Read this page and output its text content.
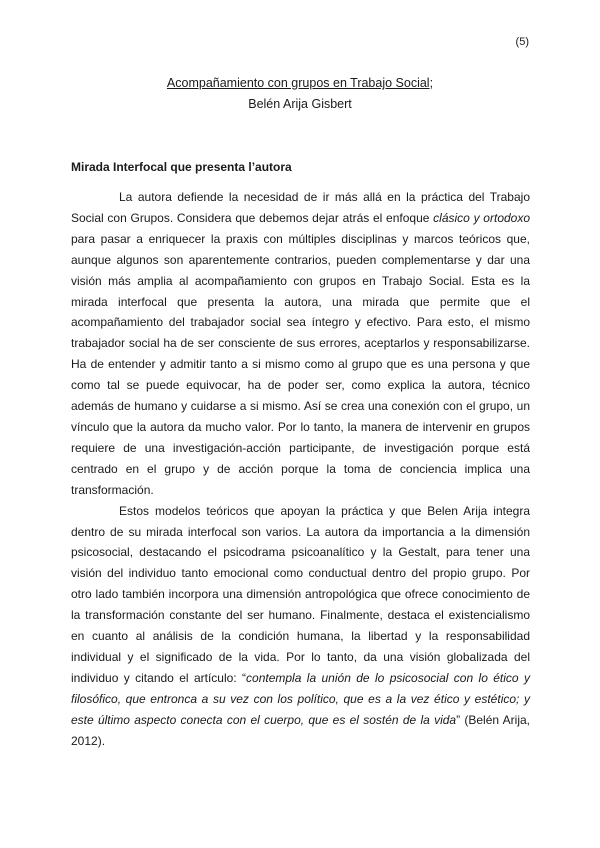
(5)
Acompañamiento con grupos en Trabajo Social;
Belén Arija Gisbert
Mirada Interfocal que presenta l’autora

La autora defiende la necesidad de ir más allá en la práctica del Trabajo Social con Grupos. Considera que debemos dejar atrás el enfoque clásico y ortodoxo para pasar a enriquecer la praxis con múltiples disciplinas y marcos teóricos que, aunque algunos son aparentemente contrarios, pueden complementarse y dar una visión más amplia al acompañamiento con grupos en Trabajo Social. Esta es la mirada interfocal que presenta la autora, una mirada que permite que el acompañamiento del trabajador social sea íntegro y efectivo. Para esto, el mismo trabajador social ha de ser consciente de sus errores, aceptarlos y responsabilizarse. Ha de entender y admitir tanto a si mismo como al grupo que es una persona y que como tal se puede equivocar, ha de poder ser, como explica la autora, técnico además de humano y cuidarse a si mismo. Así se crea una conexión con el grupo, un vínculo que la autora da mucho valor. Por lo tanto, la manera de intervenir en grupos requiere de una investigación-acción participante, de investigación porque está centrado en el grupo y de acción porque la toma de conciencia implica una transformación.

Estos modelos teóricos que apoyan la práctica y que Belen Arija integra dentro de su mirada interfocal son varios. La autora da importancia a la dimensión psicosocial, destacando el psicodrama psicoanalítico y la Gestalt, para tener una visión del individuo tanto emocional como conductual dentro del propio grupo. Por otro lado también incorpora una dimensión antropológica que ofrece conocimiento de la transformación constante del ser humano. Finalmente, destaca el existencialismo en cuanto al análisis de la condición humana, la libertad y la responsabilidad individual y el significado de la vida. Por lo tanto, da una visión globalizada del individuo y citando el artículo: “contempla la unión de lo psicosocial con lo ético y filosófico, que entronca a su vez con los político, que es a la vez ético y estético; y este último aspecto conecta con el cuerpo, que es el sostén de la vida” (Belén Arija, 2012).
